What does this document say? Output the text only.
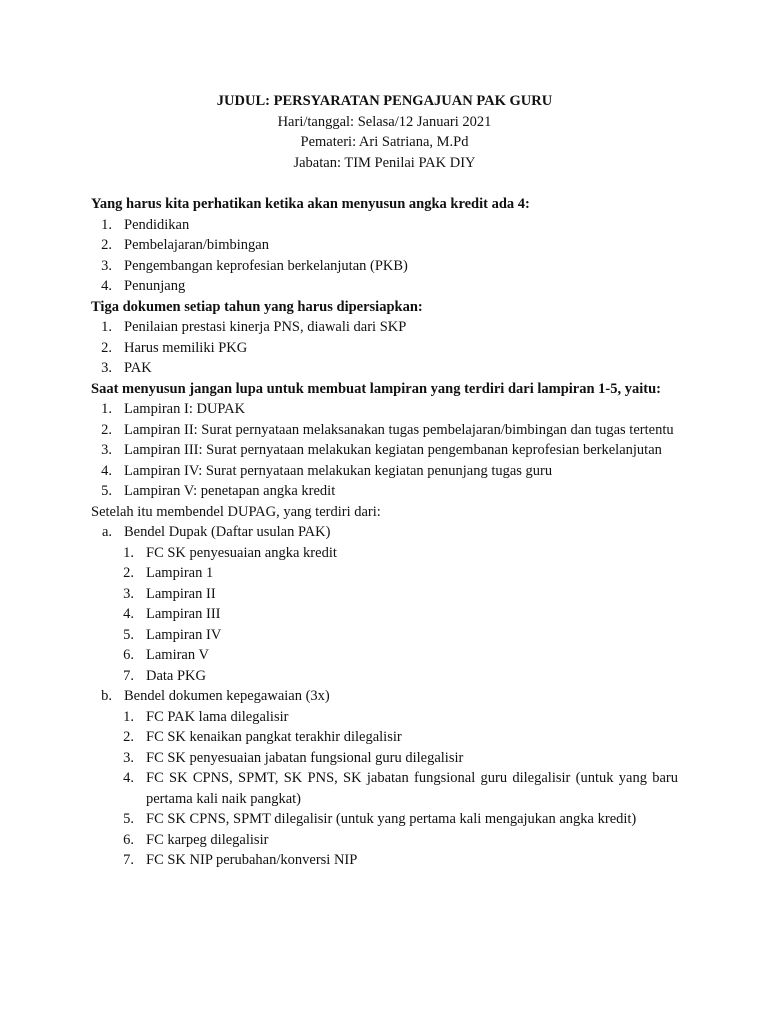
JUDUL: PERSYARATAN PENGAJUAN PAK GURU
Hari/tanggal: Selasa/12 Januari 2021
Pemateri: Ari Satriana, M.Pd
Jabatan: TIM Penilai PAK DIY
Yang harus kita perhatikan ketika akan menyusun angka kredit ada 4:
1. Pendidikan
2. Pembelajaran/bimbingan
3. Pengembangan keprofesian berkelanjutan (PKB)
4. Penunjang
Tiga dokumen setiap tahun yang harus dipersiapkan:
1. Penilaian prestasi kinerja PNS, diawali dari SKP
2. Harus memiliki PKG
3. PAK
Saat menyusun jangan lupa untuk membuat lampiran yang terdiri dari lampiran 1-5, yaitu:
1. Lampiran I: DUPAK
2. Lampiran II: Surat pernyataan melaksanakan tugas pembelajaran/bimbingan dan tugas tertentu
3. Lampiran III: Surat pernyataan melakukan kegiatan pengembanan keprofesian berkelanjutan
4. Lampiran IV: Surat pernyataan melakukan kegiatan penunjang tugas guru
5. Lampiran V: penetapan angka kredit
Setelah itu membendel DUPAG, yang terdiri dari:
a. Bendel Dupak (Daftar usulan PAK)
1. FC SK penyesuaian angka kredit
2. Lampiran 1
3. Lampiran II
4. Lampiran III
5. Lampiran IV
6. Lamiran V
7. Data PKG
b. Bendel dokumen kepegawaian (3x)
1. FC PAK lama dilegalisir
2. FC SK kenaikan pangkat terakhir dilegalisir
3. FC SK penyesuaian jabatan fungsional guru dilegalisir
4. FC SK CPNS, SPMT, SK PNS, SK jabatan fungsional guru dilegalisir (untuk yang baru pertama kali naik pangkat)
5. FC SK CPNS, SPMT dilegalisir (untuk yang pertama kali mengajukan angka kredit)
6. FC karpeg dilegalisir
7. FC SK NIP perubahan/konversi NIP
